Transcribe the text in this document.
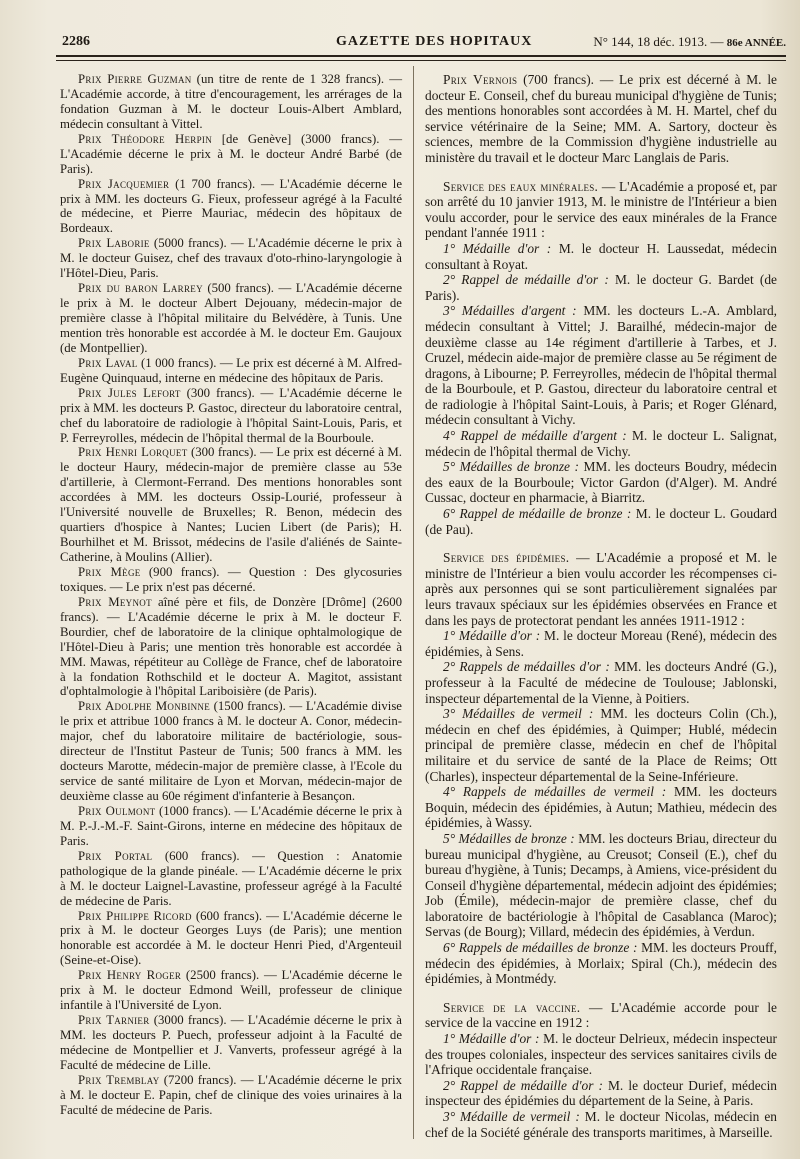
2286	GAZETTE DES HOPITAUX	N° 144, 18 déc. 1913. — 86e ANNÉE.

Prix Pierre Guzman (un titre de rente de 1 328 francs). — L'Académie accorde, à titre d'encouragement, les arrérages de la fondation Guzman à M. le docteur Louis-Albert Amblard, médecin consultant à Vittel.

Prix Théodore Herpin [de Genève] (3000 francs). — L'Académie décerne le prix à M. le docteur André Barbé (de Paris).

Prix Jacquemier (1 700 francs). — L'Académie décerne le prix à MM. les docteurs G. Fieux, professeur agrégé à la Faculté de médecine, et Pierre Mauriac, médecin des hôpitaux de Bordeaux.

Prix Laborie (5000 francs). — L'Académie décerne le prix à M. le docteur Guisez, chef des travaux d'oto-rhino-laryngologie à l'Hôtel-Dieu, Paris.

Prix du baron Larrey (500 francs). — L'Académie décerne le prix à M. le docteur Albert Dejouany, médecin-major de première classe à l'hôpital militaire du Belvédère, à Tunis. Une mention très honorable est accordée à M. le docteur Em. Gaujoux (de Montpellier).

Prix Laval (1 000 francs). — Le prix est décerné à M. Alfred-Eugène Quinquaud, interne en médecine des hôpitaux de Paris.

Prix Jules Lefort (300 francs). — L'Académie décerne le prix à MM. les docteurs P. Gastoc, directeur du laboratoire central, chef du laboratoire de radiologie à l'hôpital Saint-Louis, Paris, et P. Ferreyrolles, médecin de l'hôpital thermal de la Bourboule.

Prix Henri Lorquet (300 francs). — Le prix est décerné à M. le docteur Haury, médecin-major de première classe au 53e d'artillerie, à Clermont-Ferrand. Des mentions honorables sont accordées à MM. les docteurs Ossip-Lourié, professeur à l'Université nouvelle de Bruxelles; R. Benon, médecin des quartiers d'hospice à Nantes; Lucien Libert (de Paris); H. Bourhilhet et M. Brissot, médecins de l'asile d'aliénés de Sainte-Catherine, à Moulins (Allier).

Prix Mège (900 francs). — Question : Des glycosuries toxiques. — Le prix n'est pas décerné.

Prix Meynot aîné père et fils, de Donzère [Drôme] (2600 francs). — L'Académie décerne le prix à M. le docteur F. Bourdier, chef de laboratoire de la clinique ophtalmologique de l'Hôtel-Dieu à Paris; une mention très honorable est accordée à MM. Mawas, répétiteur au Collège de France, chef de laboratoire à la fondation Rothschild et le docteur A. Magitot, assistant d'ophtalmologie à l'hôpital Lariboisière (de Paris).

Prix Adolphe Monbinne (1500 francs). — L'Académie divise le prix et attribue 1000 francs à M. le docteur A. Conor, médecin-major, chef du laboratoire militaire de bactériologie, sous-directeur de l'Institut Pasteur de Tunis; 500 francs à MM. les docteurs Marotte, médecin-major de première classe, à l'Ecole du service de santé militaire de Lyon et Morvan, médecin-major de deuxième classe au 60e régiment d'infanterie à Besançon.

Prix Oulmont (1000 francs). — L'Académie décerne le prix à M. P.-J.-M.-F. Saint-Girons, interne en médecine des hôpitaux de Paris.

Prix Portal (600 francs). — Question : Anatomie pathologique de la glande pinéale. — L'Académie décerne le prix à M. le docteur Laignel-Lavastine, professeur agrégé à la Faculté de médecine de Paris.

Prix Philippe Ricord (600 francs). — L'Académie décerne le prix à M. le docteur Georges Luys (de Paris); une mention honorable est accordée à M. le docteur Henri Pied, d'Argenteuil (Seine-et-Oise).

Prix Henry Roger (2500 francs). — L'Académie décerne le prix à M. le docteur Edmond Weill, professeur de clinique infantile à l'Université de Lyon.

Prix Tarnier (3000 francs). — L'Académie décerne le prix à MM. les docteurs P. Puech, professeur adjoint à la Faculté de médecine de Montpellier et J. Vanverts, professeur agrégé à la Faculté de médecine de Lille.

Prix Tremblay (7200 francs). — L'Académie décerne le prix à M. le docteur E. Papin, chef de clinique des voies urinaires à la Faculté de médecine de Paris.

Prix Vernois (700 francs). — Le prix est décerné à M. le docteur E. Conseil, chef du bureau municipal d'hygiène de Tunis; des mentions honorables sont accordées à M. H. Martel, chef du service vétérinaire de la Seine; MM. A. Sartory, docteur ès sciences, membre de la Commission d'hygiène industrielle au ministère du travail et le docteur Marc Langlais de Paris.

Service des eaux minérales. — L'Académie a proposé et, par son arrêté du 10 janvier 1913, M. le ministre de l'Intérieur a bien voulu accorder, pour le service des eaux minérales de la France pendant l'année 1911 :

1° Médaille d'or : M. le docteur H. Laussedat, médecin consultant à Royat.

2° Rappel de médaille d'or : M. le docteur G. Bardet (de Paris).

3° Médailles d'argent : MM. les docteurs L.-A. Amblard, médecin consultant à Vittel; J. Barailhé, médecin-major de deuxième classe au 14e régiment d'artillerie à Tarbes, et J. Cruzel, médecin aide-major de première classe au 5e régiment de dragons, à Libourne; P. Ferreyrolles, médecin de l'hôpital thermal de la Bourboule, et P. Gastou, directeur du laboratoire central et de radiologie à l'hôpital Saint-Louis, à Paris; et Roger Glénard, médecin consultant à Vichy.

4° Rappel de médaille d'argent : M. le docteur L. Salignat, médecin de l'hôpital thermal de Vichy.

5° Médailles de bronze : MM. les docteurs Boudry, médecin des eaux de la Bourboule; Victor Gardon (d'Alger). M. André Cussac, docteur en pharmacie, à Biarritz.

6° Rappel de médaille de bronze : M. le docteur L. Goudard (de Pau).

Service des épidémies. — L'Académie a proposé et M. le ministre de l'Intérieur a bien voulu accorder les récompenses ci-après aux personnes qui se sont particulièrement signalées par leurs travaux spéciaux sur les épidémies observées en France et dans les pays de protectorat pendant les années 1911-1912 :

1° Médaille d'or : M. le docteur Moreau (René), médecin des épidémies, à Sens.

2° Rappels de médailles d'or : MM. les docteurs André (G.), professeur à la Faculté de médecine de Toulouse; Jablonski, inspecteur départemental de la Vienne, à Poitiers.

3° Médailles de vermeil : MM. les docteurs Colin (Ch.), médecin en chef des épidémies, à Quimper; Hublé, médecin principal de première classe, médecin en chef de l'hôpital militaire et du service de santé de la Place de Reims; Ott (Charles), inspecteur départemental de la Seine-Inférieure.

4° Rappels de médailles de vermeil : MM. les docteurs Boquin, médecin des épidémies, à Autun; Mathieu, médecin des épidémies, à Wassy.

5° Médailles de bronze : MM. les docteurs Briau, directeur du bureau municipal d'hygiène, au Creusot; Conseil (E.), chef du bureau d'hygiène, à Tunis; Decamps, à Amiens, vice-président du Conseil d'hygiène départemental, médecin adjoint des épidémies; Job (Émile), médecin-major de première classe, chef du laboratoire de bactériologie à l'hôpital de Casablanca (Maroc); Servas (de Bourg); Villard, médecin des épidémies, à Verdun.

6° Rappels de médailles de bronze : MM. les docteurs Prouff, médecin des épidémies, à Morlaix; Spiral (Ch.), médecin des épidémies, à Montmédy.

Service de la vaccine. — L'Académie accorde pour le service de la vaccine en 1912 :

1° Médaille d'or : M. le docteur Delrieux, médecin inspecteur des troupes coloniales, inspecteur des services sanitaires civils de l'Afrique occidentale française.

2° Rappel de médaille d'or : M. le docteur Durief, médecin inspecteur des épidémies du département de la Seine, à Paris.

3° Médaille de vermeil : M. le docteur Nicolas, médecin en chef de la Société générale des transports maritimes, à Marseille.
